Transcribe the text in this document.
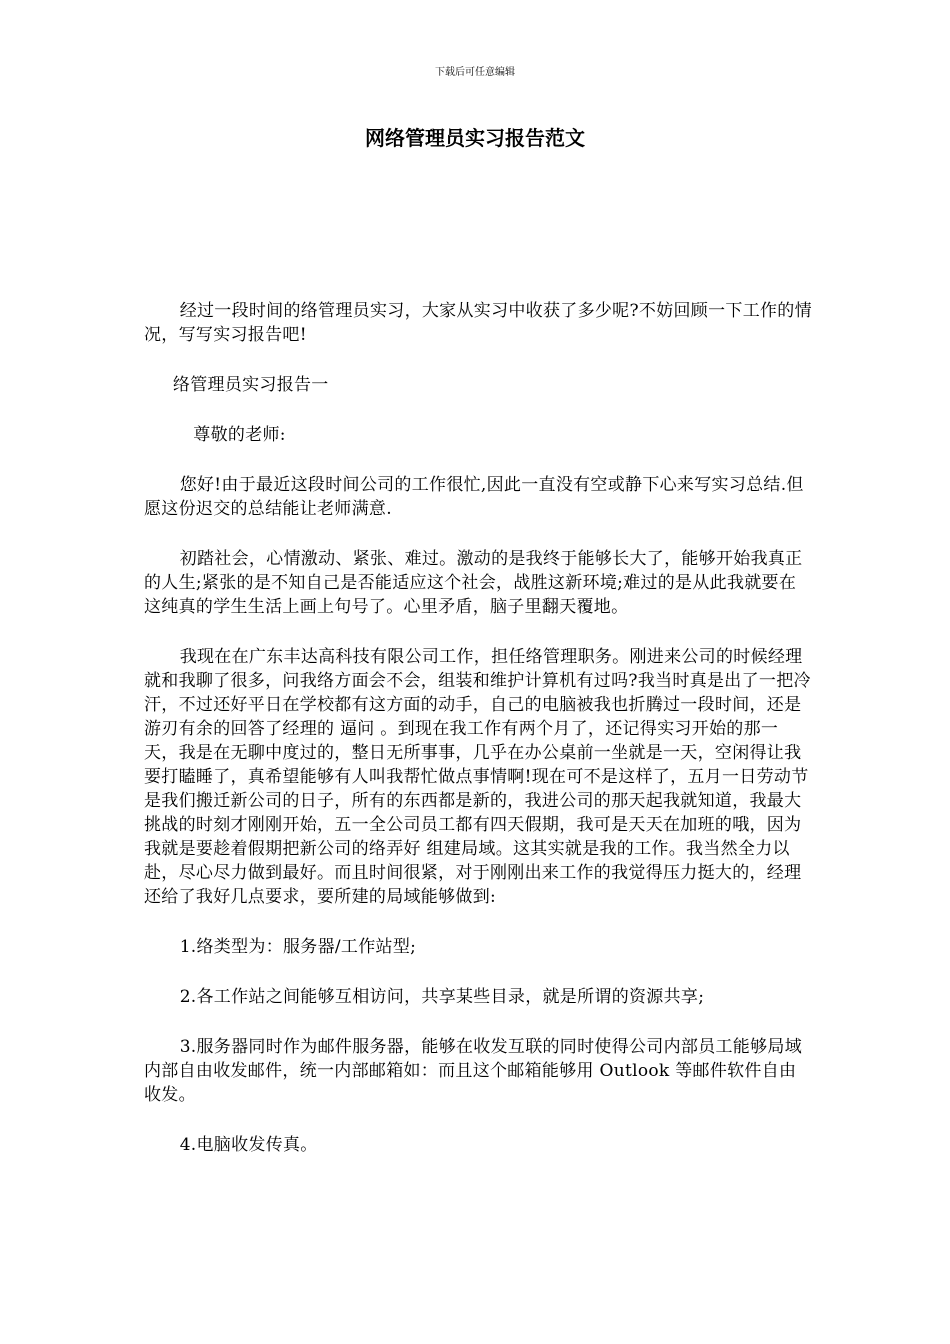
下载后可任意编辑
网络管理员实习报告范文

经过一段时间的络管理员实习，大家从实习中收获了多少呢?不妨回顾一下工作的情况，写写实习报告吧!

络管理员实习报告一

尊敬的老师:

您好!由于最近这段时间公司的工作很忙,因此一直没有空或静下心来写实习总结.但愿这份迟交的总结能让老师满意.

初踏社会，心情激动、紧张、难过。激动的是我终于能够长大了，能够开始我真正的人生;紧张的是不知自己是否能适应这个社会，战胜这新环境;难过的是从此我就要在这纯真的学生生活上画上句号了。心里矛盾，脑子里翻天覆地。

我现在在广东丰达高科技有限公司工作，担任络管理职务。刚进来公司的时候经理就和我聊了很多，问我络方面会不会，组装和维护计算机有过吗?我当时真是出了一把冷汗，不过还好平日在学校都有这方面的动手，自己的电脑被我也折腾过一段时间，还是游刃有余的回答了经理的 逼问 。到现在我工作有两个月了，还记得实习开始的那一天，我是在无聊中度过的，整日无所事事，几乎在办公桌前一坐就是一天，空闲得让我要打瞌睡了，真希望能够有人叫我帮忙做点事情啊!现在可不是这样了，五月一日劳动节是我们搬迁新公司的日子，所有的东西都是新的，我进公司的那天起我就知道，我最大挑战的时刻才刚刚开始，五一全公司员工都有四天假期，我可是天天在加班的哦，因为我就是要趁着假期把新公司的络弄好 组建局域。这其实就是我的工作。我当然全力以赴，尽心尽力做到最好。而且时间很紧，对于刚刚出来工作的我觉得压力挺大的，经理还给了我好几点要求，要所建的局域能够做到:

1.络类型为：服务器/工作站型;

2.各工作站之间能够互相访问，共享某些目录，就是所谓的资源共享;

3.服务器同时作为邮件服务器，能够在收发互联的同时使得公司内部员工能够局域内部自由收发邮件，统一内部邮箱如：而且这个邮箱能够用 Outlook 等邮件软件自由收发。

4.电脑收发传真。
